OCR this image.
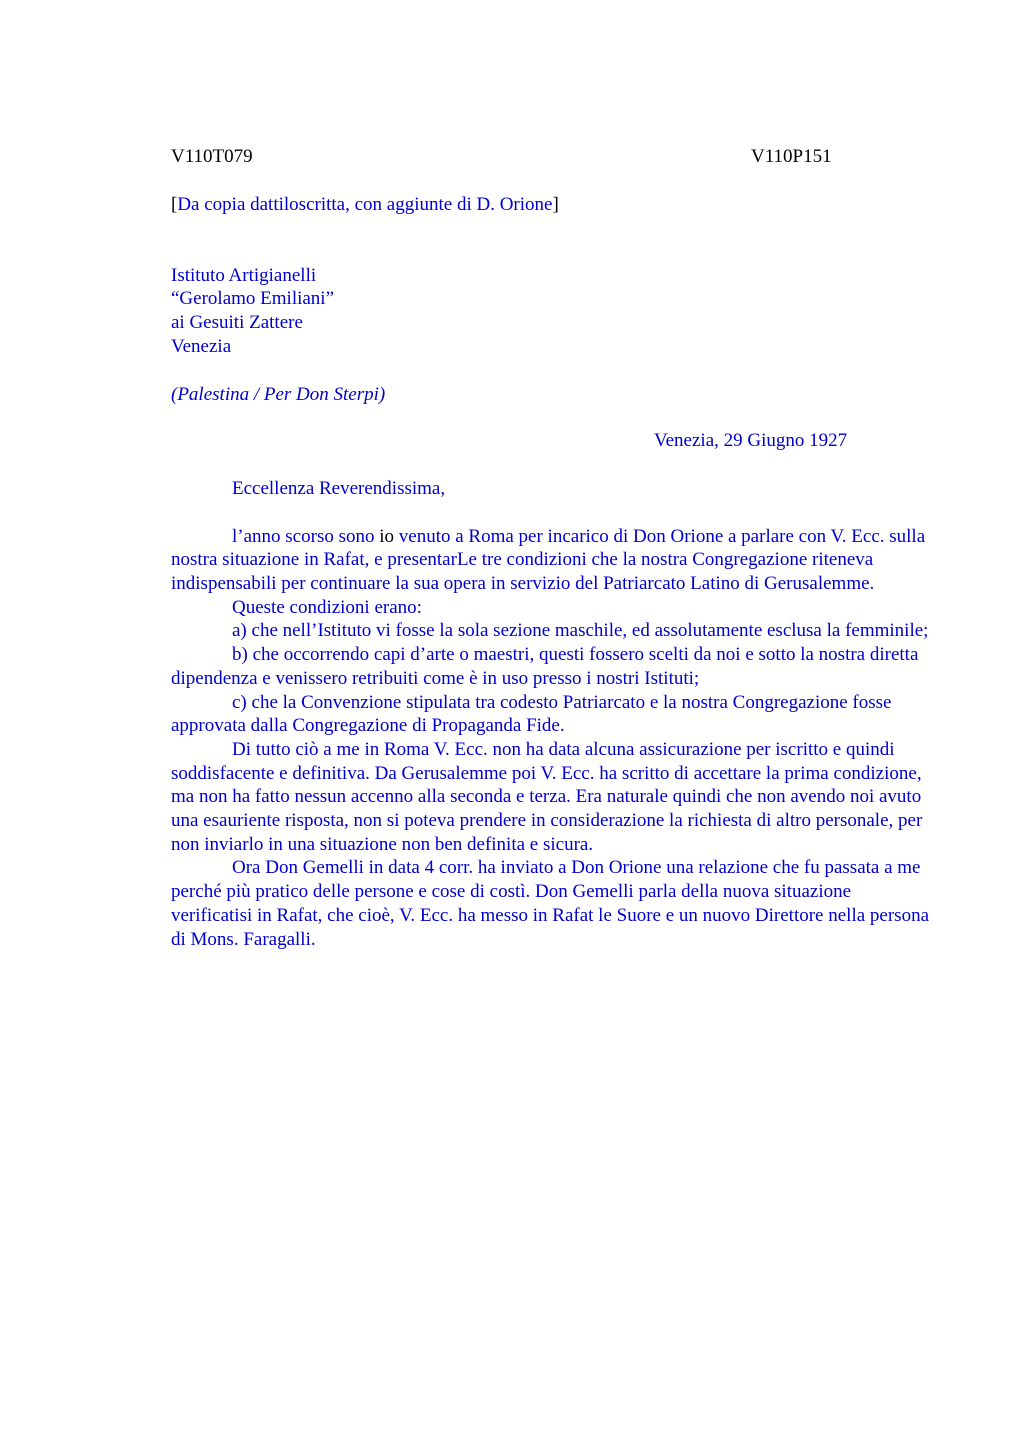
V110T079	V110P151
[Da copia dattiloscritta, con aggiunte di D. Orione]
Istituto Artigianelli
“Gerolamo Emiliani”
ai Gesuiti Zattere
Venezia
(Palestina / Per Don Sterpi)
Venezia, 29 Giugno 1927
Eccellenza Reverendissima,

l’anno scorso sono io venuto a Roma per incarico di Don Orione a parlare con V. Ecc. sulla nostra situazione in Rafat, e presentarLe tre condizioni che la nostra Congregazione riteneva indispensabili per continuare la sua opera in servizio del Patriarcato Latino di Gerusalemme.

Queste condizioni erano:

a) che nell’Istituto vi fosse la sola sezione maschile, ed assolutamente esclusa la femminile;

b) che occorrendo capi d’arte o maestri, questi fossero scelti da noi e sotto la nostra diretta dipendenza e venissero retribuiti come è in uso presso i nostri Istituti;

c) che la Convenzione stipulata tra codesto Patriarcato e la nostra Congregazione fosse approvata dalla Congregazione di Propaganda Fide.

Di tutto ciò a me in Roma V. Ecc. non ha data alcuna assicurazione per iscritto e quindi soddisfacente e definitiva. Da Gerusalemme poi V. Ecc. ha scritto di accettare la prima condizione, ma non ha fatto nessun accenno alla seconda e terza. Era naturale quindi che non avendo noi avuto una esauriente risposta, non si poteva prendere in considerazione la richiesta di altro personale, per non inviarlo in una situazione non ben definita e sicura.

Ora Don Gemelli in data 4 corr. ha inviato a Don Orione una relazione che fu passata a me perché più pratico delle persone e cose di costì. Don Gemelli parla della nuova situazione verificatisi in Rafat, che cioè, V. Ecc. ha messo in Rafat le Suore e un nuovo Direttore nella persona di Mons. Faragalli.
